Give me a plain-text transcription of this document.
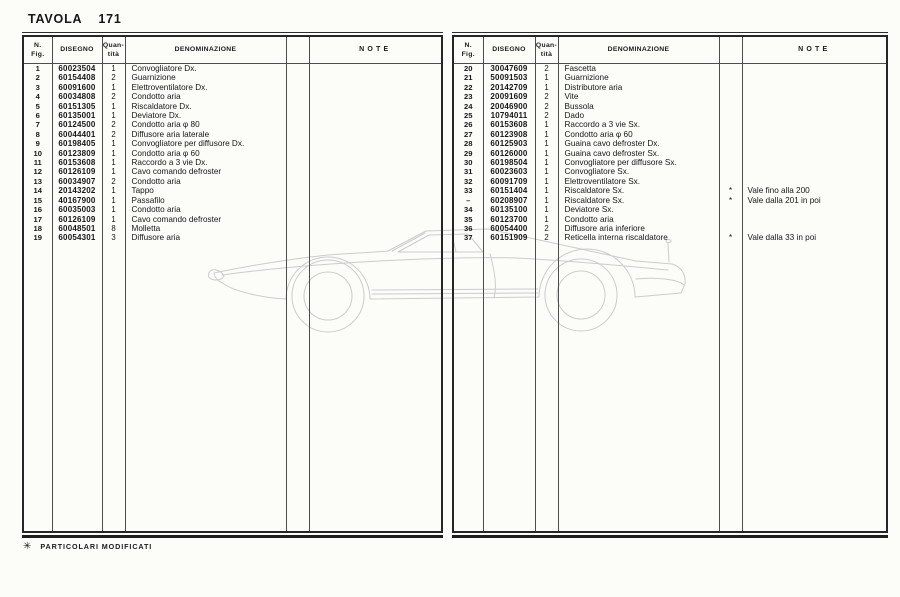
TAVOLA 171
N.
Fig.	DISEGNO	Quan-
tità	DENOMINAZIONE		NOTE
1	60023504	1	Convogliatore Dx.		
2	60154408	2	Guarnizione		
3	60091600	1	Elettroventilatore Dx.		
4	60034808	2	Condotto aria		
5	60151305	1	Riscaldatore Dx.		
6	60135001	1	Deviatore Dx.		
7	60124500	2	Condotto aria φ 80		
8	60044401	2	Diffusore aria laterale		
9	60198405	1	Convogliatore per diffusore Dx.		
10	60123809	1	Condotto aria φ 60		
11	60153608	1	Raccordo a 3 vie Dx.		
12	60126109	1	Cavo comando defroster		
13	60034907	2	Condotto aria		
14	20143202	1	Tappo		
15	40167900	1	Passafilo		
16	60035003	1	Condotto aria		
17	60126109	1	Cavo comando defroster		
18	60048501	8	Molletta		
19	60054301	3	Diffusore aria		

N.
Fig.	DISEGNO	Quan-
tità	DENOMINAZIONE		NOTE
20	30047609	2	Fascetta		
21	50091503	1	Guarnizione		
22	20142709	1	Distributore aria		
23	20091609	2	Vite		
24	20046900	2	Bussola		
25	10794011	2	Dado		
26	60153608	1	Raccordo a 3 vie Sx.		
27	60123908	1	Condotto aria φ 60		
28	60125903	1	Guaina cavo defroster Dx.		
29	60126000	1	Guaina cavo defroster Sx.		
30	60198504	1	Convogliatore per diffusore Sx.		
31	60023603	1	Convogliatore Sx.		
32	60091709	1	Elettroventilatore Sx.		
33	60151404	1	Riscaldatore Sx.	*	Vale fino alla 200
–	60208907	1	Riscaldatore Sx.	*	Vale dalla 201 in poi
34	60135100	1	Deviatore Sx.		
35	60123700	1	Condotto aria		
36	60054400	2	Diffusore aria inferiore		
37	60151909	2	Reticella interna riscaldatore	*	Vale dalla 33 in poi

✳ PARTICOLARI MODIFICATI
